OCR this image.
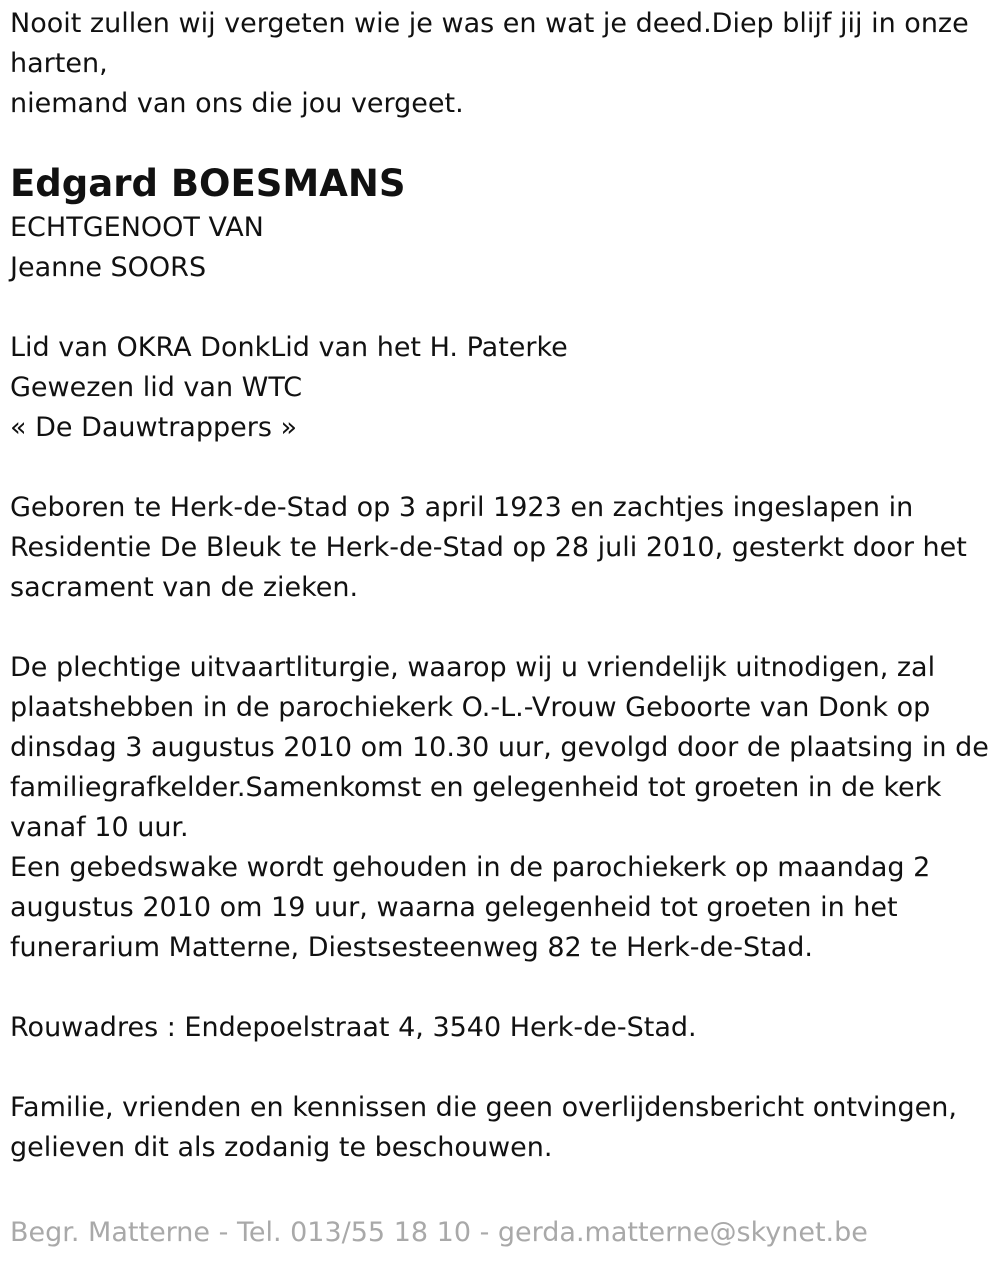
Nooit zullen wij vergeten wie je was en wat je deed.Diep blijf jij in onze

harten,

niemand van ons die jou vergeet.

Edgard BOESMANS

ECHTGENOOT VAN

Jeanne SOORS

Lid van OKRA DonkLid van het H. Paterke

Gewezen lid van WTC

« De Dauwtrappers »

Geboren te Herk-de-Stad op 3 april 1923 en zachtjes ingeslapen in

Residentie De Bleuk te Herk-de-Stad op 28 juli 2010, gesterkt door het

sacrament van de zieken.

De plechtige uitvaartliturgie, waarop wij u vriendelijk uitnodigen, zal

plaatshebben in de parochiekerk O.-L.-Vrouw Geboorte van Donk op

dinsdag 3 augustus 2010 om 10.30 uur, gevolgd door de plaatsing in de

familiegrafkelder.Samenkomst en gelegenheid tot groeten in de kerk

vanaf 10 uur.

Een gebedswake wordt gehouden in de parochiekerk op maandag 2

augustus 2010 om 19 uur, waarna gelegenheid tot groeten in het

funerarium Matterne, Diestsesteenweg 82 te Herk-de-Stad.

Rouwadres : Endepoelstraat 4, 3540 Herk-de-Stad.

Familie, vrienden en kennissen die geen overlijdensbericht ontvingen,

gelieven dit als zodanig te beschouwen.

Begr. Matterne - Tel. 013/55 18 10 - gerda.matterne@skynet.be
